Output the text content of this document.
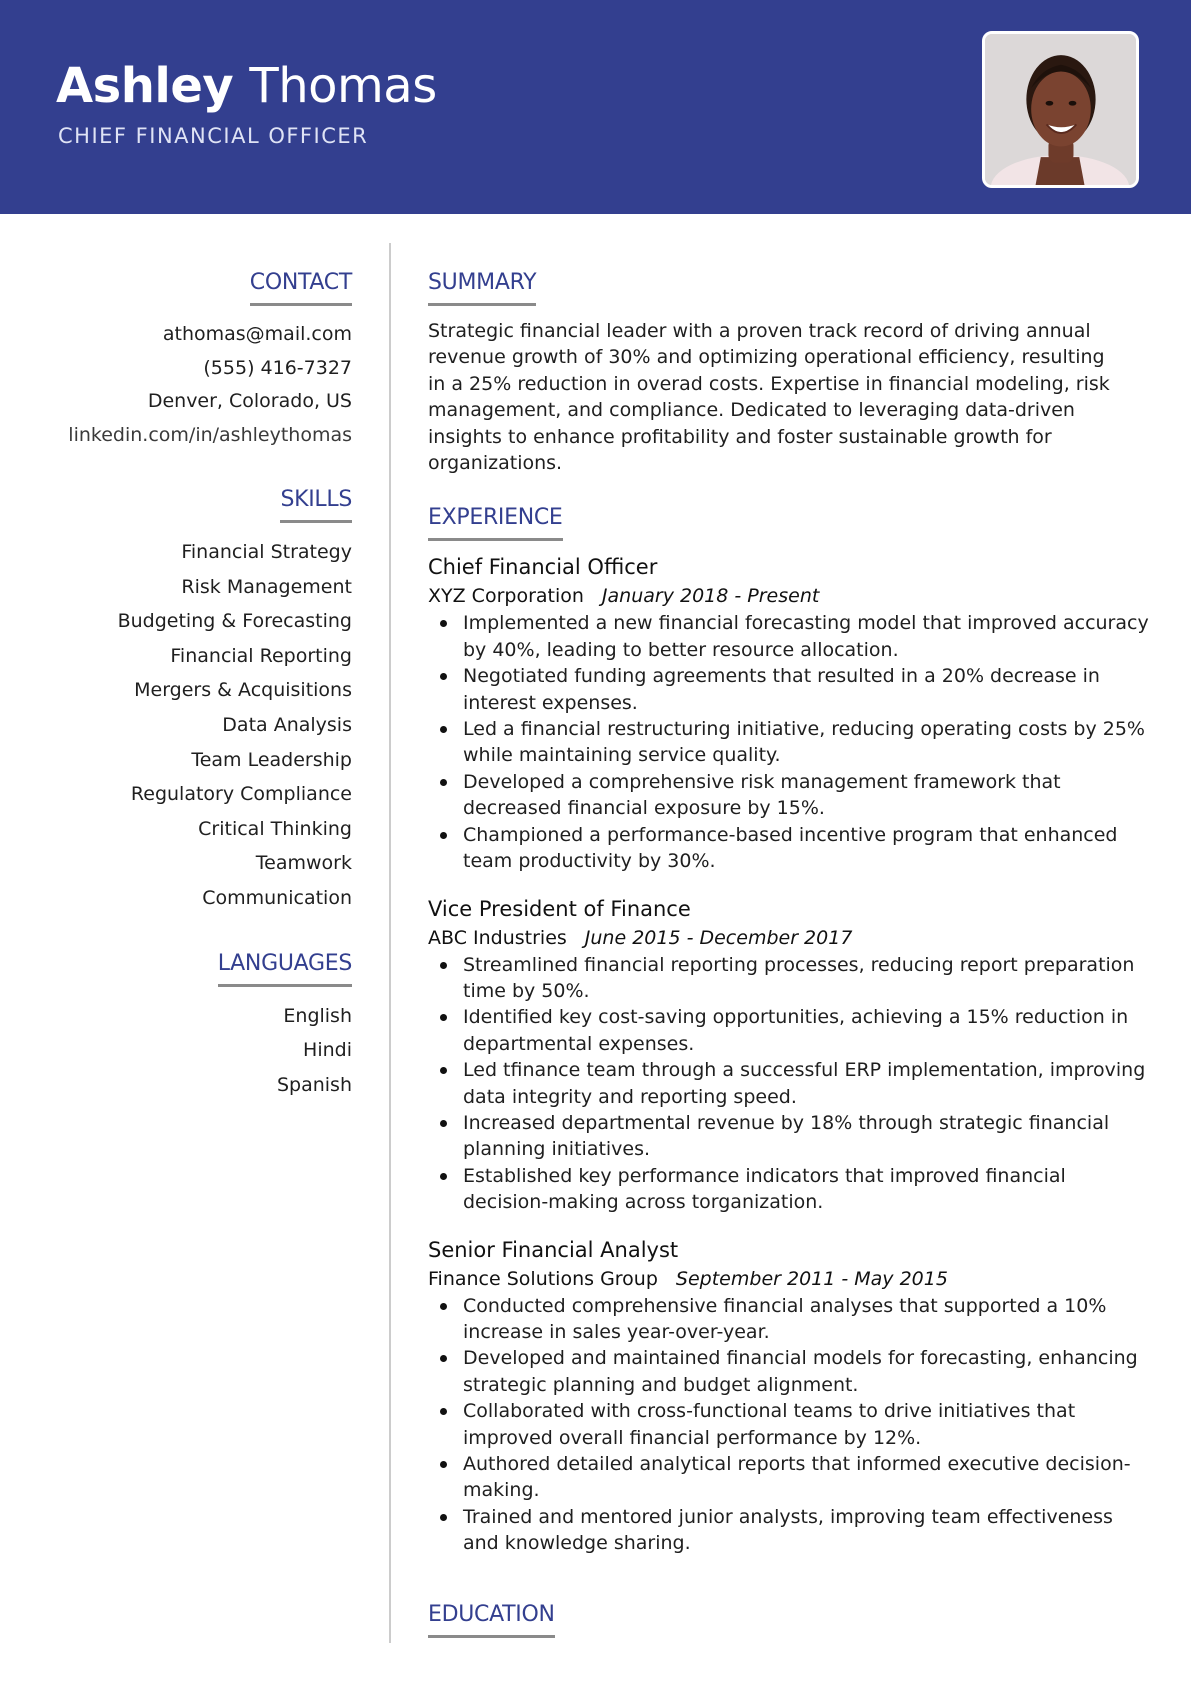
Ashley Thomas
CHIEF FINANCIAL OFFICER
CONTACT
athomas@mail.com
(555) 416-7327
Denver, Colorado, US
linkedin.com/in/ashleythomas
SKILLS
Financial Strategy
Risk Management
Budgeting & Forecasting
Financial Reporting
Mergers & Acquisitions
Data Analysis
Team Leadership
Regulatory Compliance
Critical Thinking
Teamwork
Communication
LANGUAGES
English
Hindi
Spanish
SUMMARY

Strategic financial leader with a proven track record of driving annual revenue growth of 30% and optimizing operational efficiency, resulting in a 25% reduction in overad costs. Expertise in financial modeling, risk management, and compliance. Dedicated to leveraging data-driven insights to enhance profitability and foster sustainable growth for organizations.

EXPERIENCE
Chief Financial Officer
XYZ Corporation January 2018 - Present
Implemented a new financial forecasting model that improved accuracy by 40%, leading to better resource allocation.
Negotiated funding agreements that resulted in a 20% decrease in interest expenses.
Led a financial restructuring initiative, reducing operating costs by 25% while maintaining service quality.
Developed a comprehensive risk management framework that decreased financial exposure by 15%.
Championed a performance-based incentive program that enhanced team productivity by 30%.
Vice President of Finance
ABC Industries June 2015 - December 2017
Streamlined financial reporting processes, reducing report preparation time by 50%.
Identified key cost-saving opportunities, achieving a 15% reduction in departmental expenses.
Led tfinance team through a successful ERP implementation, improving data integrity and reporting speed.
Increased departmental revenue by 18% through strategic financial planning initiatives.
Established key performance indicators that improved financial decision-making across torganization.
Senior Financial Analyst
Finance Solutions Group September 2011 - May 2015
Conducted comprehensive financial analyses that supported a 10% increase in sales year-over-year.
Developed and maintained financial models for forecasting, enhancing strategic planning and budget alignment.
Collaborated with cross-functional teams to drive initiatives that improved overall financial performance by 12%.
Authored detailed analytical reports that informed executive decision-making.
Trained and mentored junior analysts, improving team effectiveness and knowledge sharing.
EDUCATION
